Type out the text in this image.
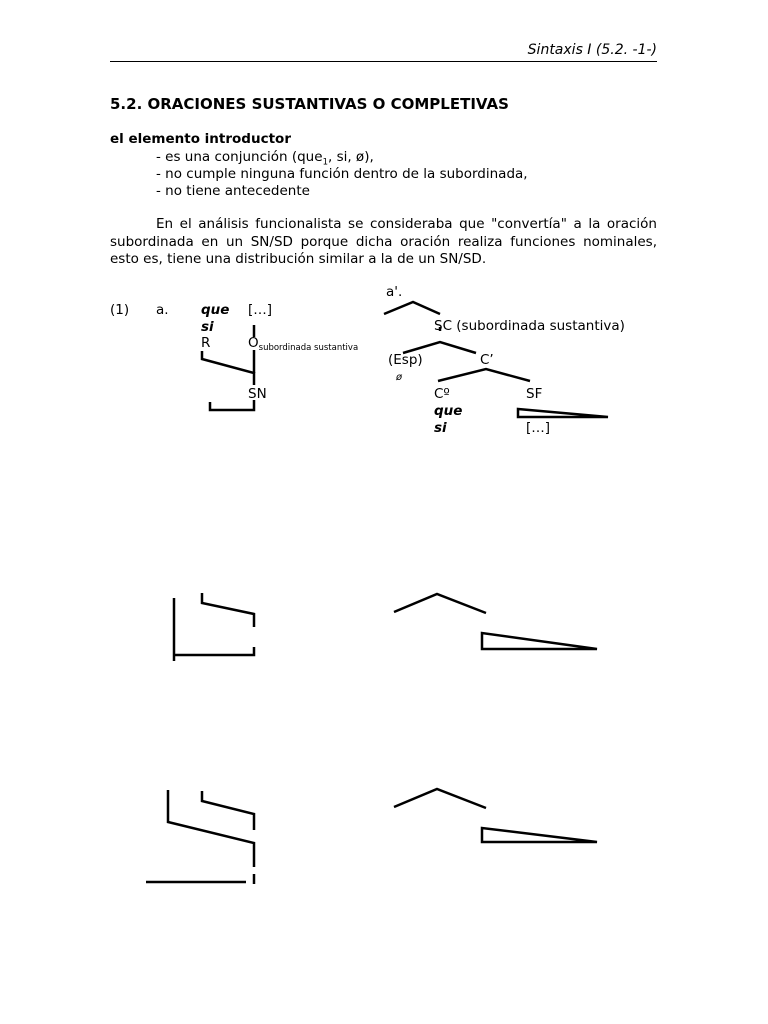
Sintaxis I (5.2. -1-)
5.2. ORACIONES SUSTANTIVAS O COMPLETIVAS
el elemento introductor
- es una conjunción (que$_1$, si, ø),
- no cumple ninguna función dentro de la subordinada,
- no tiene antecedente
En el análisis funcionalista se consideraba que "convertía" a la oración subordinada en un SN/SD porque dicha oración realiza funciones nominales, esto es, tiene una distribución similar a la de un SN/SD.
(1) a. que […]
si
R	$O_{subordinada sustantiva}$
SN
a'.
SC (subordinada sustantiva)
(Esp)
ø
C’
Cº	SF
que
si	[…]
